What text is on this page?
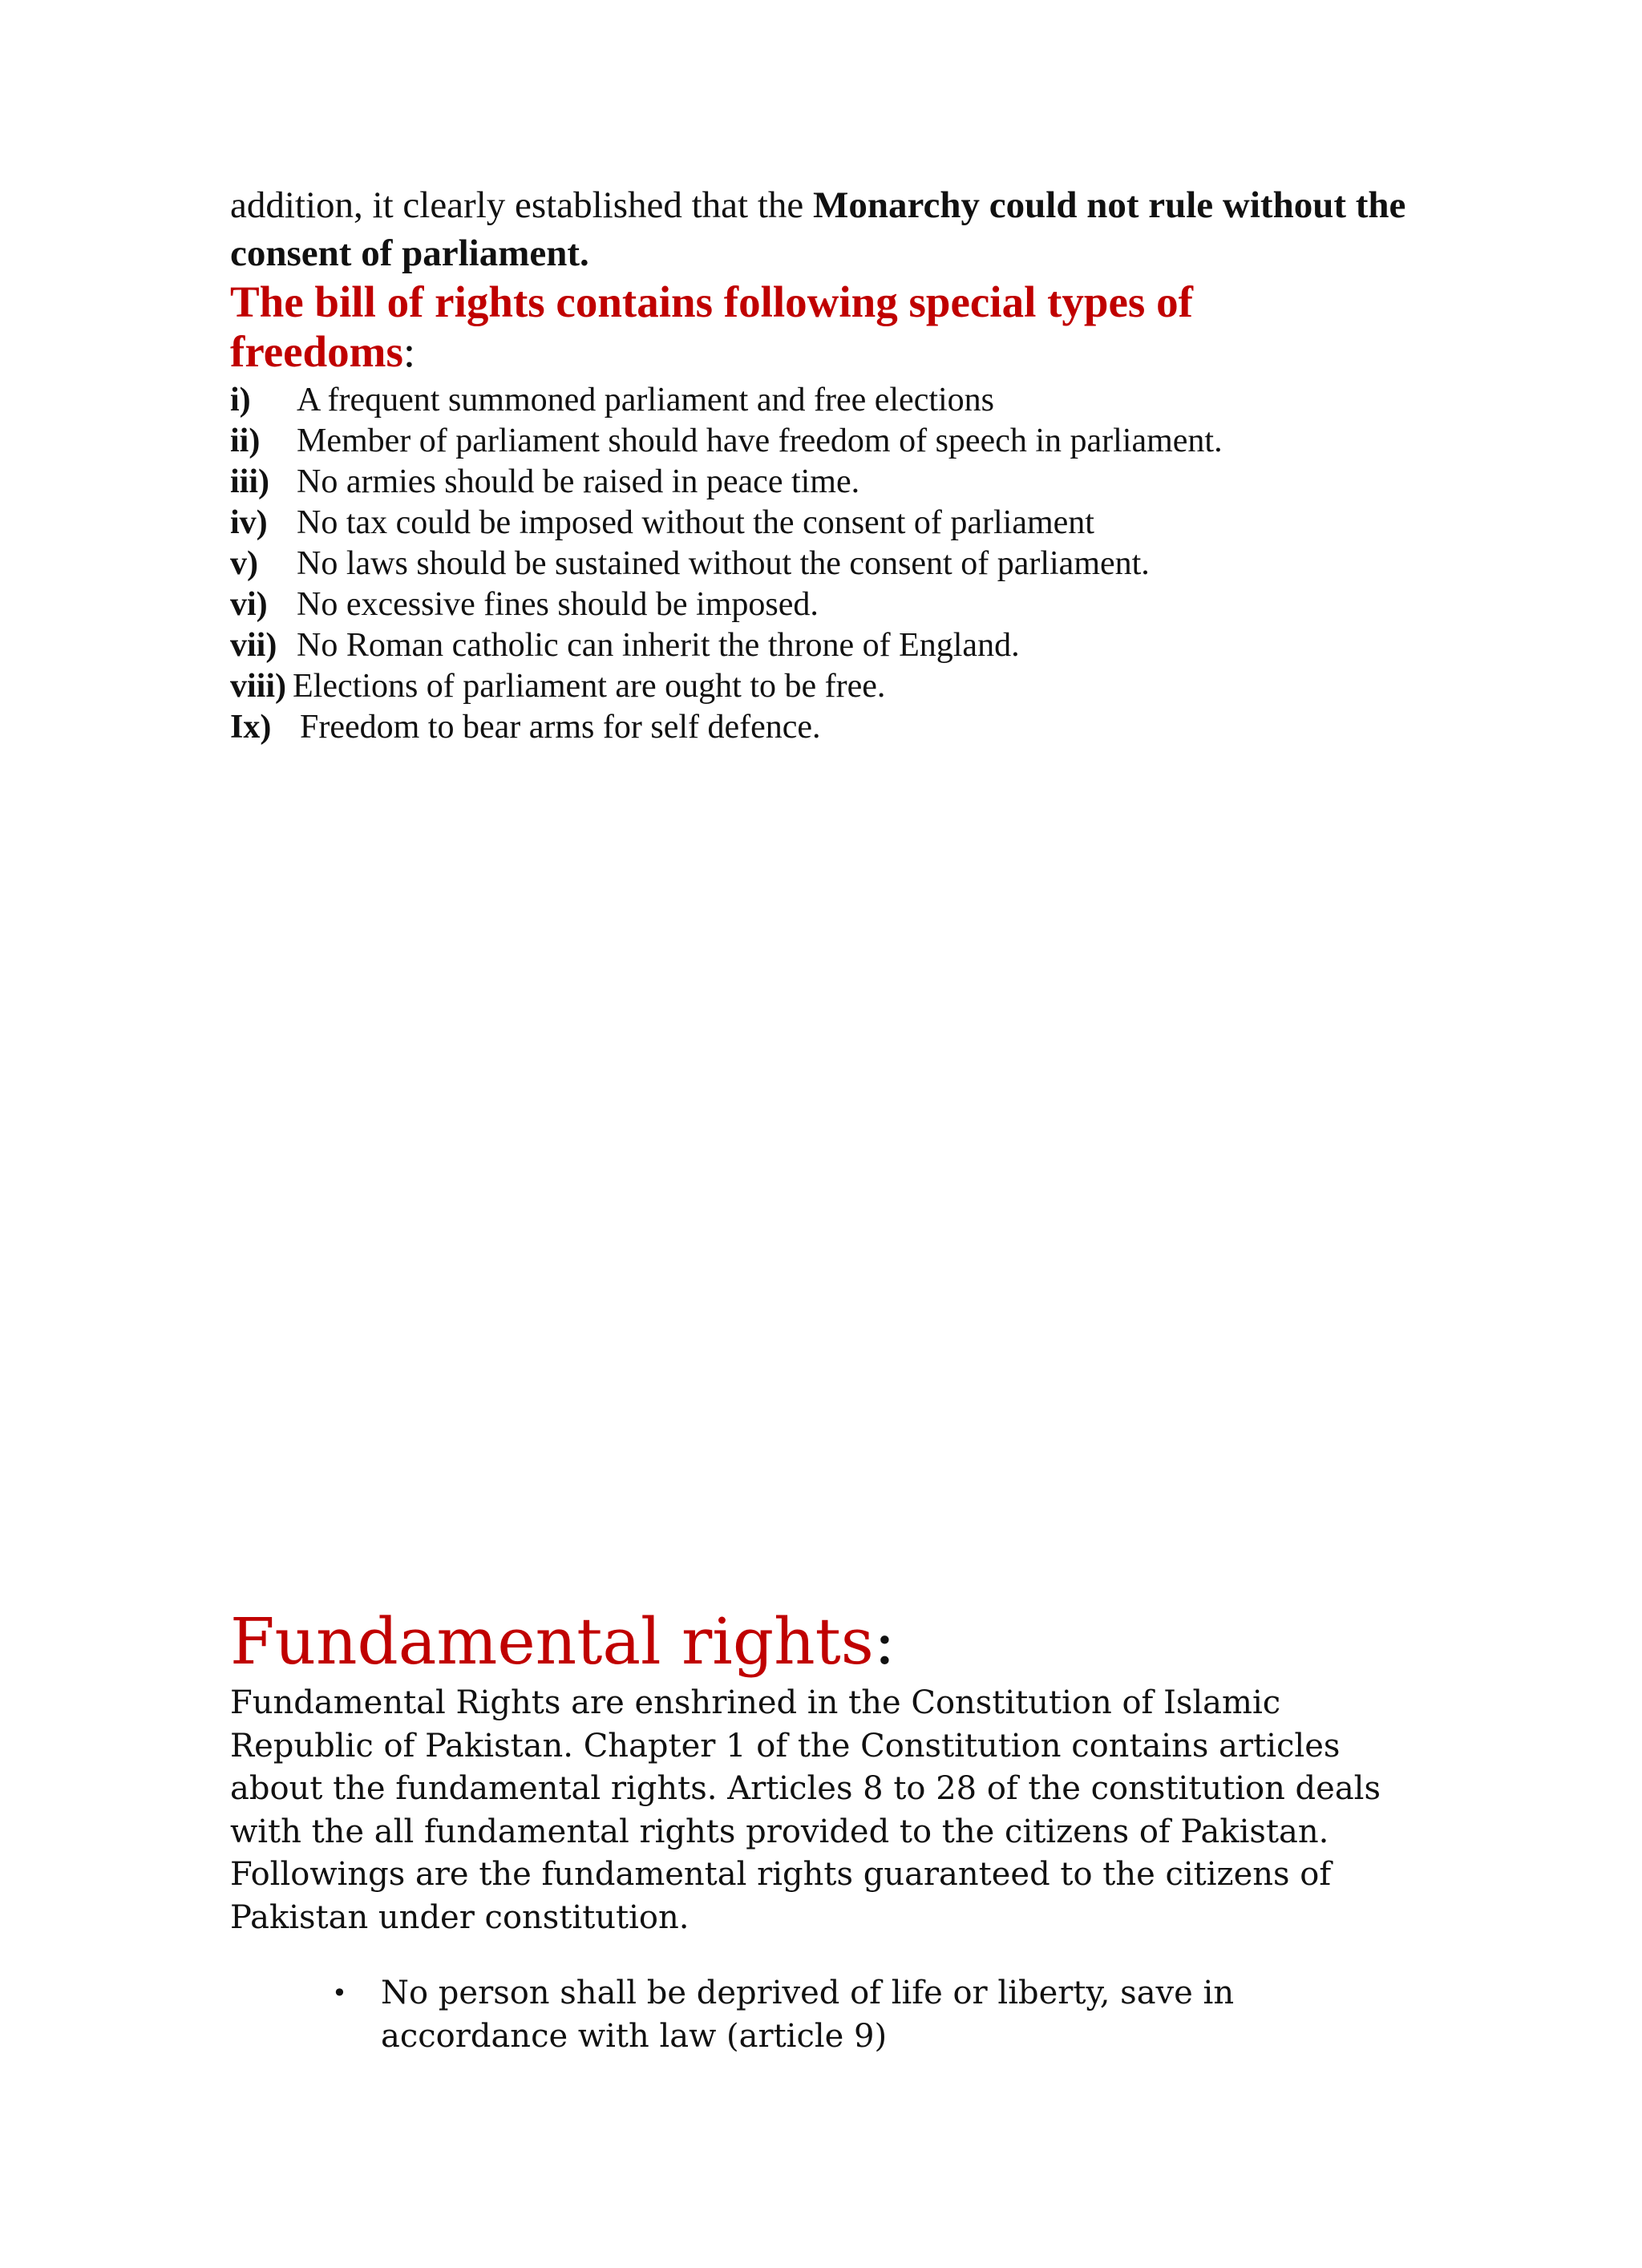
addition, it clearly established that the Monarchy could not rule without the consent of parliament.

The bill of rights contains following special types of freedoms:
i)	A frequent summoned parliament and free elections
ii)	Member of parliament should have freedom of speech in parliament.
iii) No armies should be raised in peace time.
iv) No tax could be imposed without the consent of parliament
v)	No laws should be sustained without the consent of parliament.
vi) No excessive fines should be imposed.
vii) No Roman catholic can inherit the throne of England.
viii) Elections of parliament are ought to be free.
Ix) Freedom to bear arms for self defence.
Fundamental rights:

Fundamental Rights are enshrined in the Constitution of Islamic Republic of Pakistan. Chapter 1 of the Constitution contains articles about the fundamental rights. Articles 8 to 28 of the constitution deals with the all fundamental rights provided to the citizens of Pakistan. Followings are the fundamental rights guaranteed to the citizens of Pakistan under constitution.

• No person shall be deprived of life or liberty, save in accordance with law (article 9)
